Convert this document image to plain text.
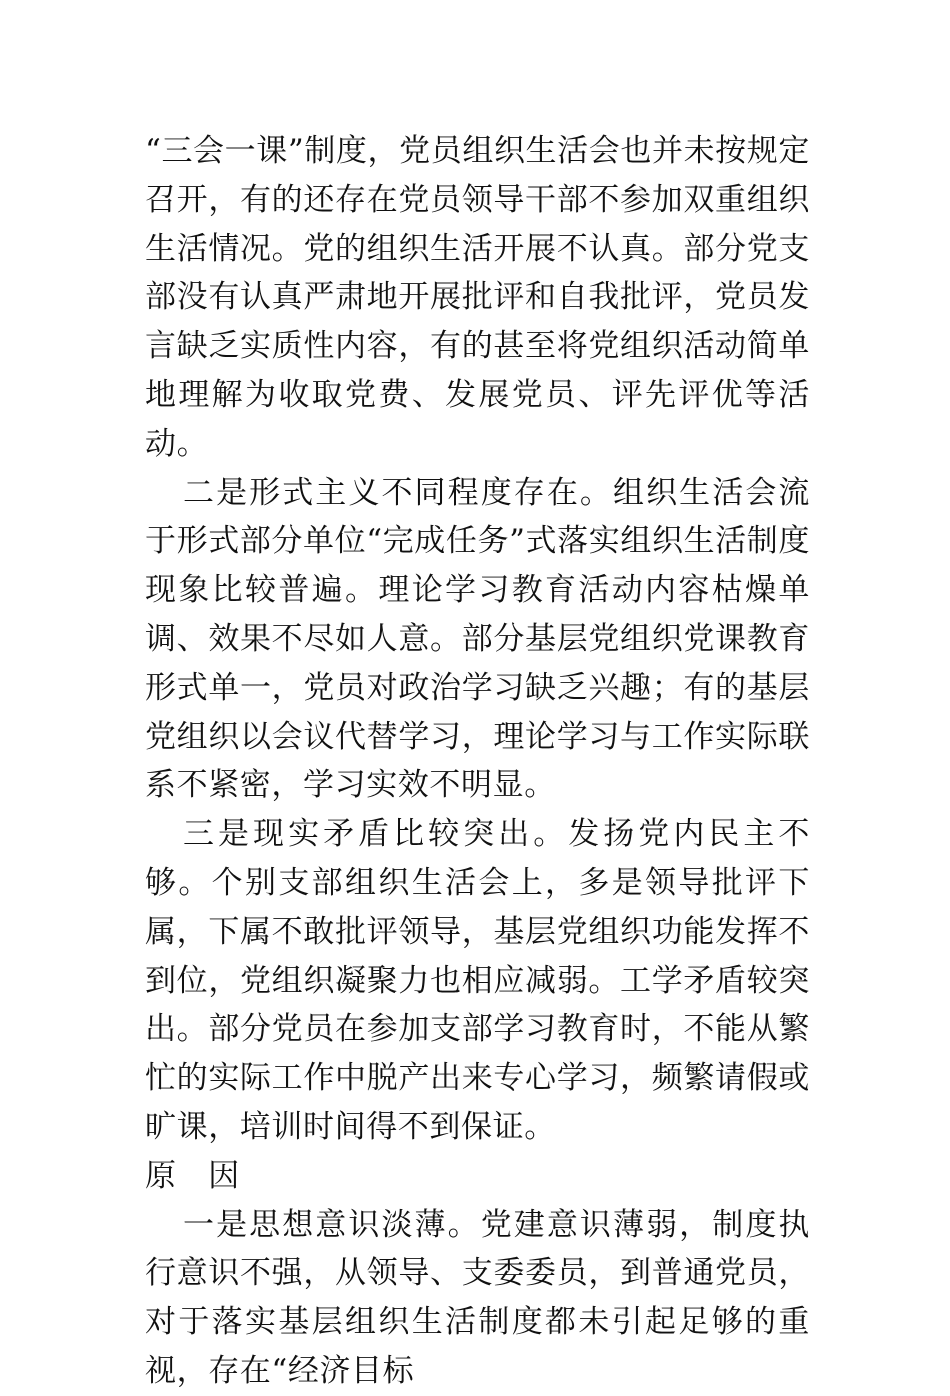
“三会一课”制度，党员组织生活会也并未按规定召开，有的还存在党员领导干部不参加双重组织生活情况。党的组织生活开展不认真。部分党支部没有认真严肃地开展批评和自我批评，党员发言缺乏实质性内容，有的甚至将党组织活动简单地理解为收取党费、发展党员、评先评优等活动。

二是形式主义不同程度存在。组织生活会流于形式部分单位“完成任务”式落实组织生活制度现象比较普遍。理论学习教育活动内容枯燥单调、效果不尽如人意。部分基层党组织党课教育形式单一，党员对政治学习缺乏兴趣；有的基层党组织以会议代替学习，理论学习与工作实际联系不紧密，学习实效不明显。

三是现实矛盾比较突出。发扬党内民主不够。个别支部组织生活会上，多是领导批评下属，下属不敢批评领导，基层党组织功能发挥不到位，党组织凝聚力也相应减弱。工学矛盾较突出。部分党员在参加支部学习教育时，不能从繁忙的实际工作中脱产出来专心学习，频繁请假或旷课，培训时间得不到保证。

原　因

一是思想意识淡薄。党建意识薄弱，制度执行意识不强，从领导、支委委员，到普通党员，对于落实基层组织生活制度都未引起足够的重视，存在“经济目标
